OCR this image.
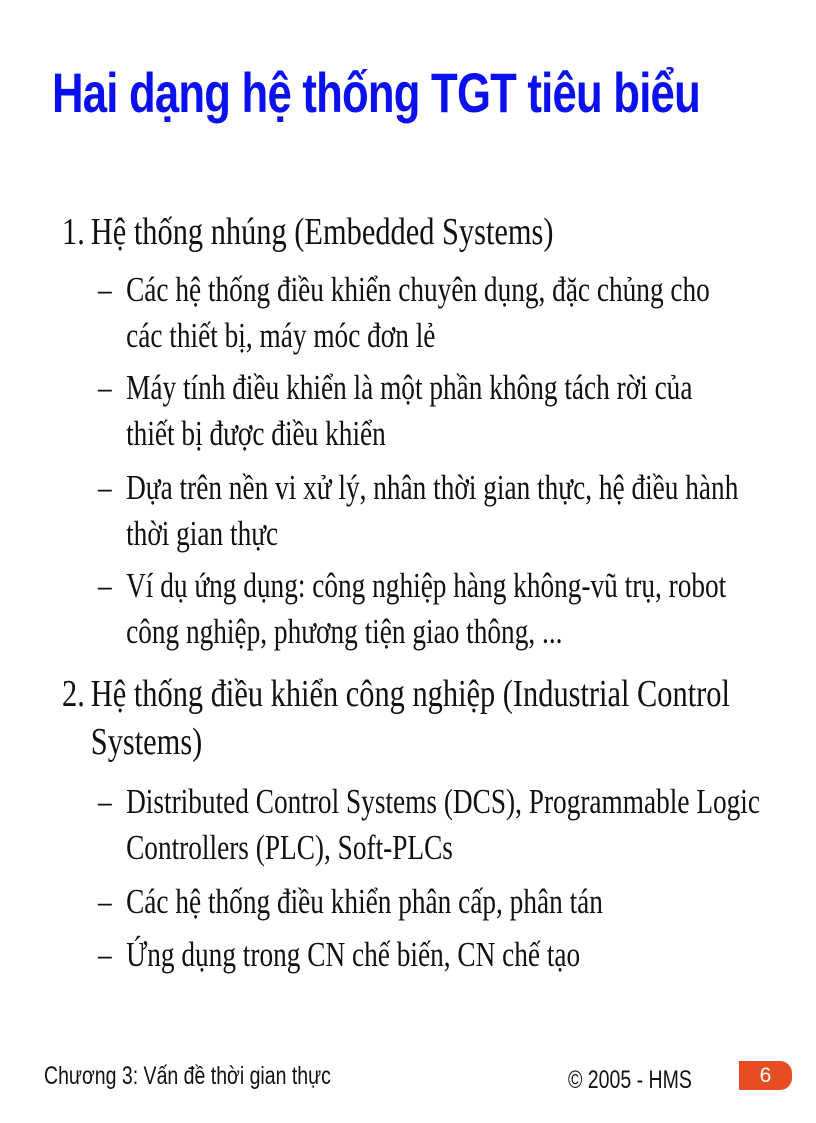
Hai dạng hệ thống TGT tiêu biểu
1. Hệ thống nhúng (Embedded Systems)
– Các hệ thống điều khiển chuyên dụng, đặc chủng cho
các thiết bị, máy móc đơn lẻ
– Máy tính điều khiển là một phần không tách rời của
thiết bị được điều khiển
– Dựa trên nền vi xử lý, nhân thời gian thực, hệ điều hành
thời gian thực
– Ví dụ ứng dụng: công nghiệp hàng không-vũ trụ, robot
công nghiệp, phương tiện giao thông, ...
2. Hệ thống điều khiển công nghiệp (Industrial Control
Systems)
– Distributed Control Systems (DCS), Programmable Logic
Controllers (PLC), Soft-PLCs
– Các hệ thống điều khiển phân cấp, phân tán
– Ứng dụng trong CN chế biến, CN chế tạo
Chương 3: Vấn đề thời gian thực	© 2005 - HMS	6
